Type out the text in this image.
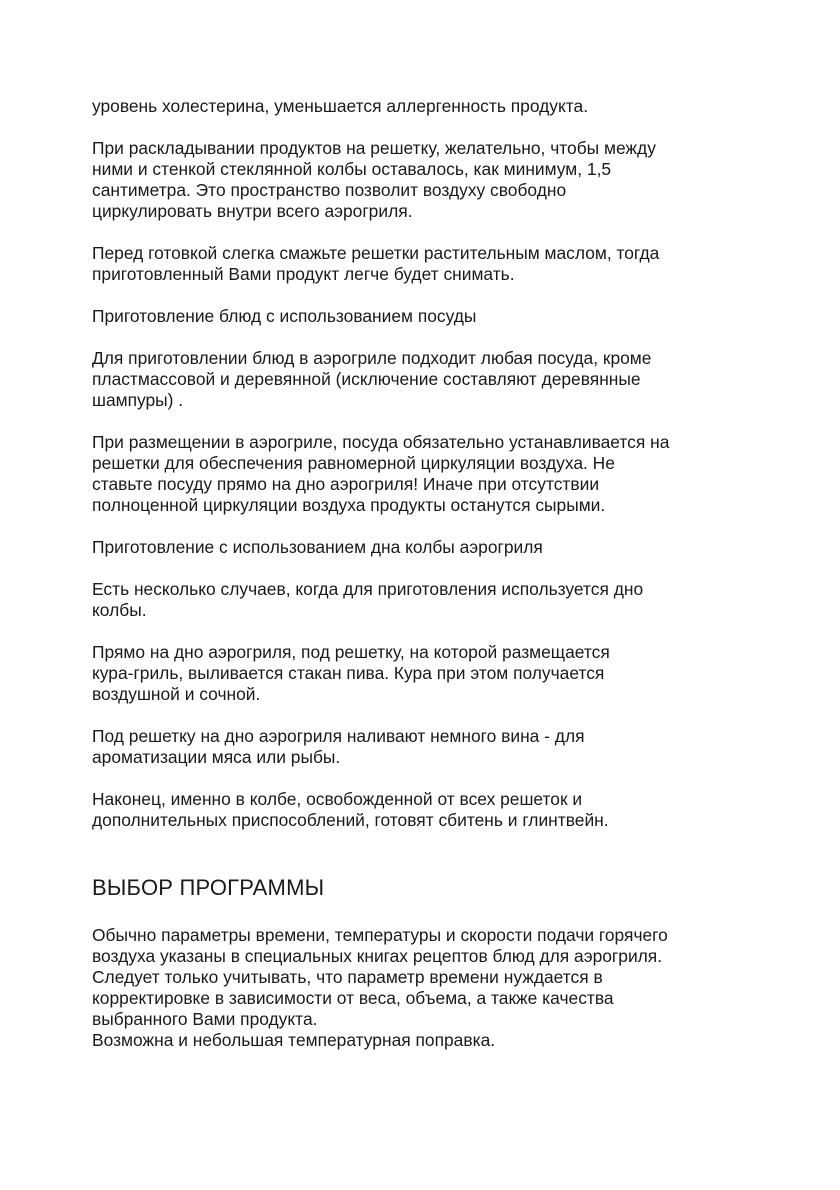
уровень холестерина, уменьшается аллергенность продукта.

При раскладывании продуктов на решетку, желательно, чтобы между
ними и стенкой стеклянной колбы оставалось, как минимум, 1,5
сантиметра. Это пространство позволит воздуху свободно
циркулировать внутри всего аэрогриля.

Перед готовкой слегка смажьте решетки растительным маслом, тогда
приготовленный Вами продукт легче будет снимать.

Приготовление блюд с использованием посуды

Для приготовлении блюд в аэрогриле подходит любая посуда, кроме
пластмассовой и деревянной (исключение составляют деревянные
шампуры) .

При размещении в аэрогриле, посуда обязательно устанавливается на
решетки для обеспечения равномерной циркуляции воздуха. Не
ставьте посуду прямо на дно аэрогриля! Иначе при отсутствии
полноценной циркуляции воздуха продукты останутся сырыми.

Приготовление с использованием дна колбы аэрогриля

Есть несколько случаев, когда для приготовления используется дно
колбы.

Прямо на дно аэрогриля, под решетку, на которой размещается
кура-гриль, выливается стакан пива. Кура при этом получается
воздушной и сочной.

Под решетку на дно аэрогриля наливают немного вина - для
ароматизации мяса или рыбы.

Наконец, именно в колбе, освобожденной от всех решеток и
дополнительных приспособлений, готовят сбитень и глинтвейн.

ВЫБОР ПРОГРАММЫ

Обычно параметры времени, температуры и скорости подачи горячего
воздуха указаны в специальных книгах рецептов блюд для аэрогриля.
Следует только учитывать, что параметр времени нуждается в
корректировке в зависимости от веса, объема, а также качества
выбранного Вами продукта.

Возможна и небольшая температурная поправка.
